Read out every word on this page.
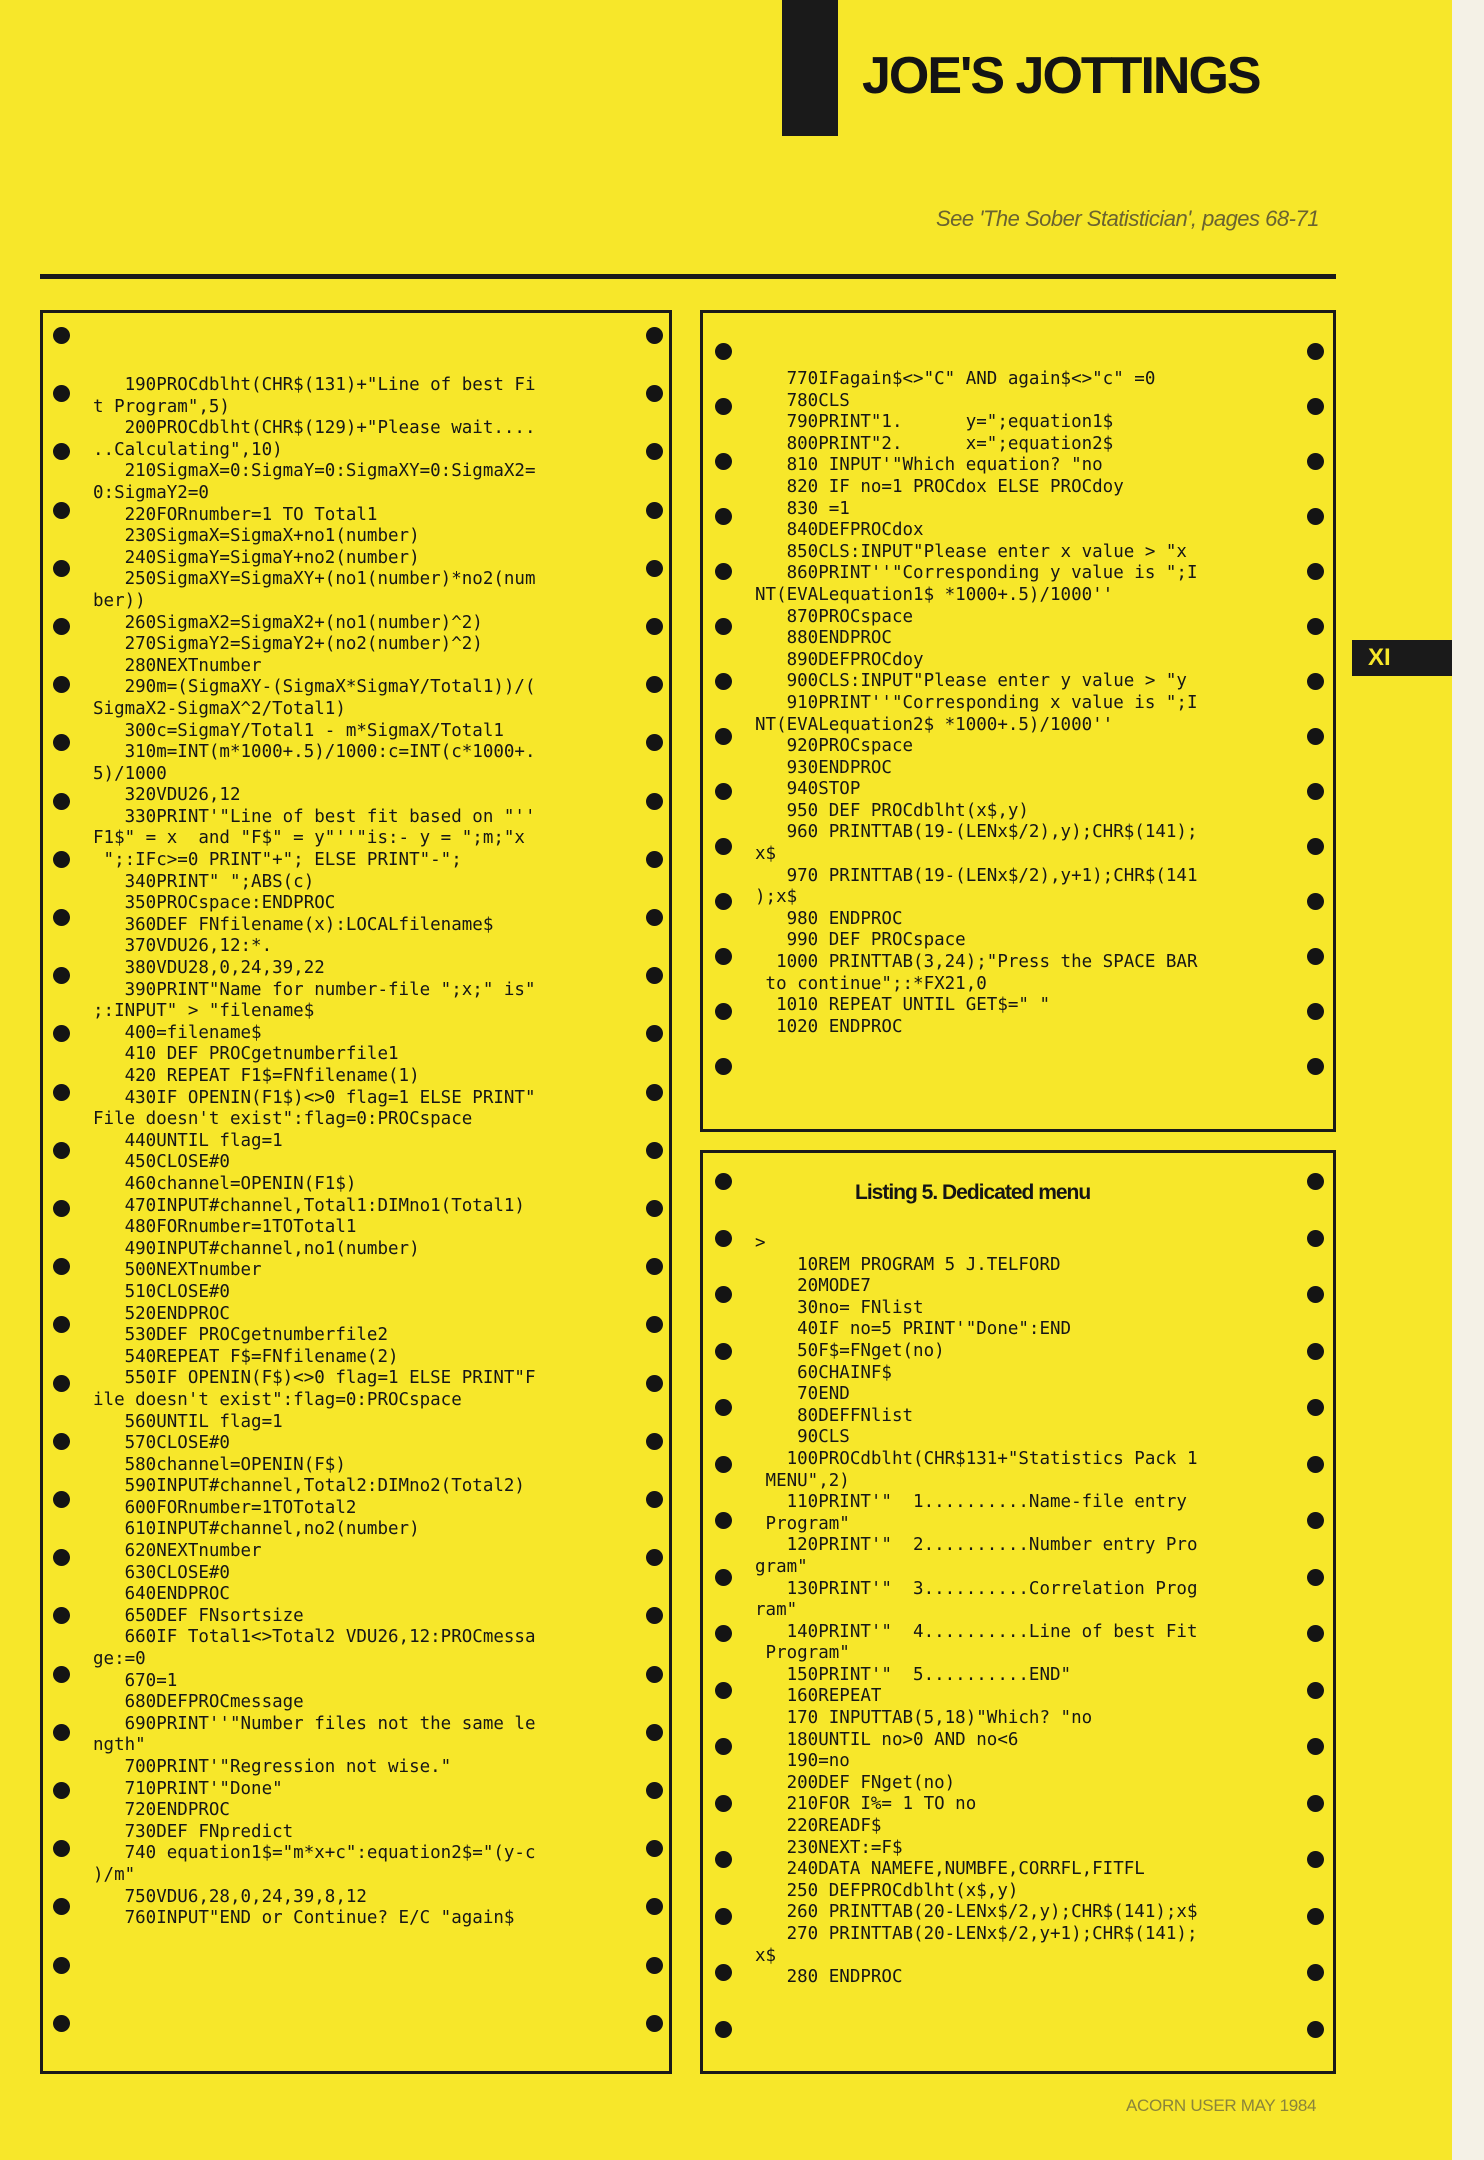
JOE'S JOTTINGS
See 'The Sober Statistician', pages 68-71
XI
190PROCdblht(CHR$(131)+"Line of best Fi
t Program",5)
200PROCdblht(CHR$(129)+"Please wait....
..Calculating",10)
210SigmaX=0:SigmaY=0:SigmaXY=0:SigmaX2=
0:SigmaY2=0
220FORnumber=1 TO Total1
230SigmaX=SigmaX+no1(number)
240SigmaY=SigmaY+no2(number)
250SigmaXY=SigmaXY+(no1(number)*no2(num
ber))
260SigmaX2=SigmaX2+(no1(number)^2)
270SigmaY2=SigmaY2+(no2(number)^2)
280NEXTnumber
290m=(SigmaXY-(SigmaX*SigmaY/Total1))/(
SigmaX2-SigmaX^2/Total1)
300c=SigmaY/Total1 - m*SigmaX/Total1
310m=INT(m*1000+.5)/1000:c=INT(c*1000+.
5)/1000
320VDU26,12
330PRINT'"Line of best fit based on "''
F1$" = x  and "F$" = y"''"is:- y = ";m;"x
";:IFc>=0 PRINT"+"; ELSE PRINT"-";
340PRINT" ";ABS(c)
350PROCspace:ENDPROC
360DEF FNfilename(x):LOCALfilename$
370VDU26,12:*.
380VDU28,0,24,39,22
390PRINT"Name for number-file ";x;" is"
;:INPUT" > "filename$
400=filename$
410 DEF PROCgetnumberfile1
420 REPEAT F1$=FNfilename(1)
430IF OPENIN(F1$)<>0 flag=1 ELSE PRINT"
File doesn't exist":flag=0:PROCspace
440UNTIL flag=1
450CLOSE#0
460channel=OPENIN(F1$)
470INPUT#channel,Total1:DIMno1(Total1)
480FORnumber=1TOTotal1
490INPUT#channel,no1(number)
500NEXTnumber
510CLOSE#0
520ENDPROC
530DEF PROCgetnumberfile2
540REPEAT F$=FNfilename(2)
550IF OPENIN(F$)<>0 flag=1 ELSE PRINT"F
ile doesn't exist":flag=0:PROCspace
560UNTIL flag=1
570CLOSE#0
580channel=OPENIN(F$)
590INPUT#channel,Total2:DIMno2(Total2)
600FORnumber=1TOTotal2
610INPUT#channel,no2(number)
620NEXTnumber
630CLOSE#0
640ENDPROC
650DEF FNsortsize
660IF Total1<>Total2 VDU26,12:PROCmessa
ge:=0
670=1
680DEFPROCmessage
690PRINT''"Number files not the same le
ngth"
700PRINT'"Regression not wise."
710PRINT'"Done"
720ENDPROC
730DEF FNpredict
740 equation1$="m*x+c":equation2$="(y-c
)/m"
750VDU6,28,0,24,39,8,12
760INPUT"END or Continue? E/C "again$
770IFagain$<>"C" AND again$<>"c" =0
780CLS
790PRINT"1.      y=";equation1$
800PRINT"2.      x=";equation2$
810 INPUT'"Which equation? "no
820 IF no=1 PROCdox ELSE PROCdoy
830 =1
840DEFPROCdox
850CLS:INPUT"Please enter x value > "x
860PRINT''"Corresponding y value is ";I
NT(EVALequation1$ *1000+.5)/1000''
870PROCspace
880ENDPROC
890DEFPROCdoy
900CLS:INPUT"Please enter y value > "y
910PRINT''"Corresponding x value is ";I
NT(EVALequation2$ *1000+.5)/1000''
920PROCspace
930ENDPROC
940STOP
950 DEF PROCdblht(x$,y)
960 PRINTTAB(19-(LENx$/2),y);CHR$(141);
x$
970 PRINTTAB(19-(LENx$/2),y+1);CHR$(141
);x$
980 ENDPROC
990 DEF PROCspace
1000 PRINTTAB(3,24);"Press the SPACE BAR
to continue";:*FX21,0
1010 REPEAT UNTIL GET$=" "
1020 ENDPROC
Listing 5. Dedicated menu
>
10REM PROGRAM 5 J.TELFORD
20MODE7
30no= FNlist
40IF no=5 PRINT'"Done":END
50F$=FNget(no)
60CHAINF$
70END
80DEFFNlist
90CLS
100PROCdblht(CHR$131+"Statistics Pack 1
MENU",2)
110PRINT'"  1..........Name-file entry
Program"
120PRINT'"  2..........Number entry Pro
gram"
130PRINT'"  3..........Correlation Prog
ram"
140PRINT'"  4..........Line of best Fit
Program"
150PRINT'"  5..........END"
160REPEAT
170 INPUTTAB(5,18)"Which? "no
180UNTIL no>0 AND no<6
190=no
200DEF FNget(no)
210FOR I%= 1 TO no
220READF$
230NEXT:=F$
240DATA NAMEFE,NUMBFE,CORRFL,FITFL
250 DEFPROCdblht(x$,y)
260 PRINTTAB(20-LENx$/2,y);CHR$(141);x$
270 PRINTTAB(20-LENx$/2,y+1);CHR$(141);
x$
280 ENDPROC
ACORN USER MAY 1984
